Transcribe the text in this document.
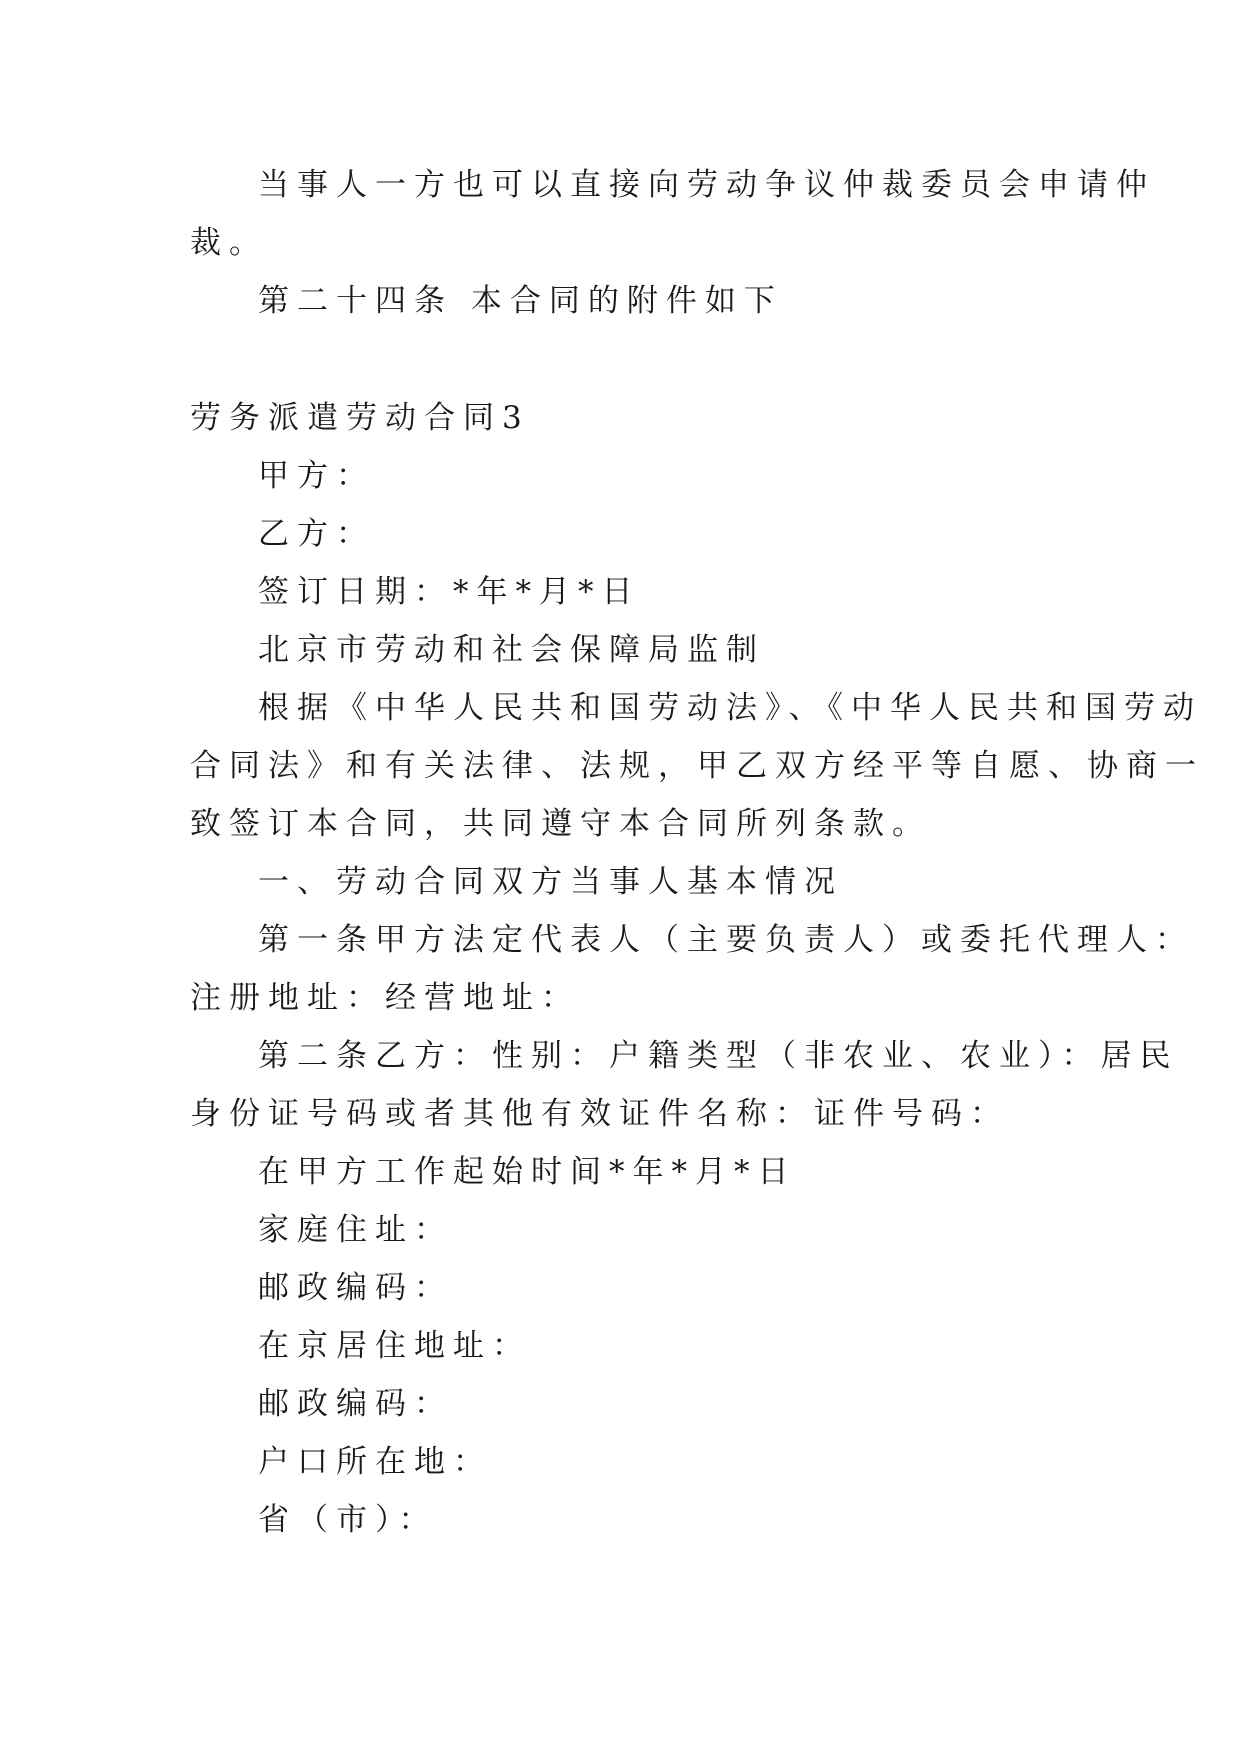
当事人一方也可以直接向劳动争议仲裁委员会申请仲
裁。
第二十四条 本合同的附件如下
劳务派遣劳动合同3
甲方：
乙方：
签订日期：*年*月*日
北京市劳动和社会保障局监制
根据《中华人民共和国劳动法》、《中华人民共和国劳动
合同法》和有关法律、法规，甲乙双方经平等自愿、协商一
致签订本合同，共同遵守本合同所列条款。
一、劳动合同双方当事人基本情况
第一条甲方法定代表人（主要负责人）或委托代理人：
注册地址：经营地址：
第二条乙方：性别：户籍类型（非农业、农业）：居民
身份证号码或者其他有效证件名称：证件号码：
在甲方工作起始时间*年*月*日
家庭住址：
邮政编码：
在京居住地址：
邮政编码：
户口所在地：
省（市）：
